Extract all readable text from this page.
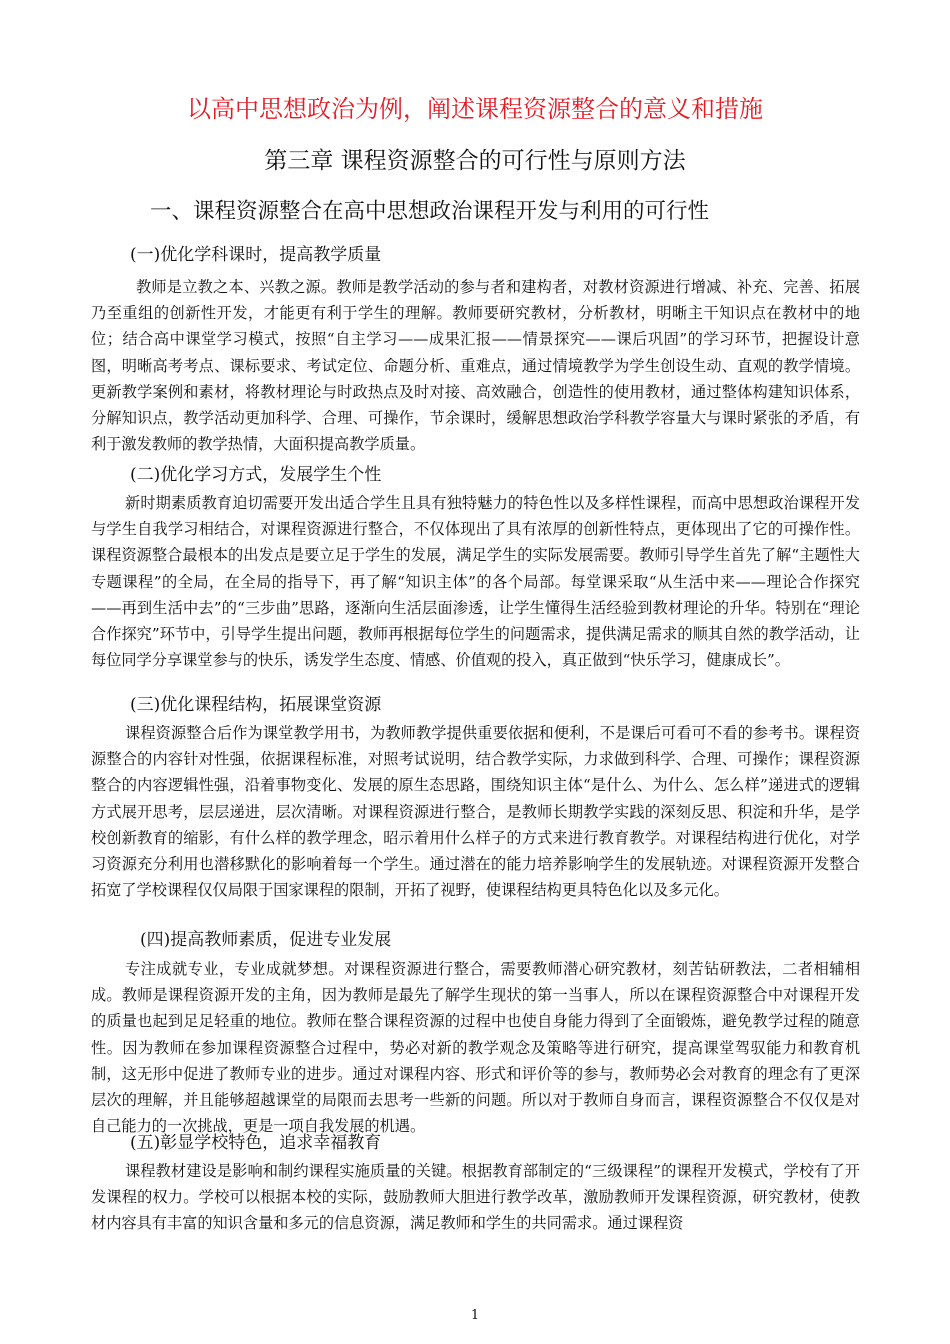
以高中思想政治为例，阐述课程资源整合的意义和措施
第三章 课程资源整合的可行性与原则方法
一、课程资源整合在高中思想政治课程开发与利用的可行性
(一)优化学科课时，提高教学质量

教师是立教之本、兴教之源。教师是教学活动的参与者和建构者，对教材资源进行增减、补充、完善、拓展乃至重组的创新性开发，才能更有利于学生的理解。教师要研究教材，分析教材，明晰主干知识点在教材中的地位；结合高中课堂学习模式，按照“自主学习——成果汇报——情景探究——课后巩固”的学习环节，把握设计意图，明晰高考考点、课标要求、考试定位、命题分析、重难点，通过情境教学为学生创设生动、直观的教学情境。更新教学案例和素材，将教材理论与时政热点及时对接、高效融合，创造性的使用教材，通过整体构建知识体系，分解知识点，教学活动更加科学、合理、可操作，节余课时，缓解思想政治学科教学容量大与课时紧张的矛盾，有利于激发教师的教学热情，大面积提高教学质量。

(二)优化学习方式，发展学生个性

新时期素质教育迫切需要开发出适合学生且具有独特魅力的特色性以及多样性课程，而高中思想政治课程开发与学生自我学习相结合，对课程资源进行整合，不仅体现出了具有浓厚的创新性特点，更体现出了它的可操作性。课程资源整合最根本的出发点是要立足于学生的发展，满足学生的实际发展需要。教师引导学生首先了解“主题性大专题课程”的全局，在全局的指导下，再了解“知识主体”的各个局部。每堂课采取“从生活中来——理论合作探究——再到生活中去”的“三步曲”思路，逐渐向生活层面渗透，让学生懂得生活经验到教材理论的升华。特别在“理论合作探究”环节中，引导学生提出问题，教师再根据每位学生的问题需求，提供满足需求的顺其自然的教学活动，让每位同学分享课堂参与的快乐，诱发学生态度、情感、价值观的投入，真正做到“快乐学习，健康成长”。

(三)优化课程结构，拓展课堂资源

课程资源整合后作为课堂教学用书，为教师教学提供重要依据和便利，不是课后可看可不看的参考书。课程资源整合的内容针对性强，依据课程标准，对照考试说明，结合教学实际，力求做到科学、合理、可操作；课程资源整合的内容逻辑性强，沿着事物变化、发展的原生态思路，围绕知识主体“是什么、为什么、怎么样”递进式的逻辑方式展开思考，层层递进，层次清晰。对课程资源进行整合，是教师长期教学实践的深刻反思、积淀和升华，是学校创新教育的缩影，有什么样的教学理念，昭示着用什么样子的方式来进行教育教学。对课程结构进行优化，对学习资源充分利用也潜移默化的影响着每一个学生。通过潜在的能力培养影响学生的发展轨迹。对课程资源开发整合拓宽了学校课程仅仅局限于国家课程的限制，开拓了视野，使课程结构更具特色化以及多元化。

(四)提高教师素质，促进专业发展

专注成就专业，专业成就梦想。对课程资源进行整合，需要教师潜心研究教材，刻苦钻研教法，二者相辅相成。教师是课程资源开发的主角，因为教师是最先了解学生现状的第一当事人，所以在课程资源整合中对课程开发的质量也起到足足轻重的地位。教师在整合课程资源的过程中也使自身能力得到了全面锻炼，避免教学过程的随意性。因为教师在参加课程资源整合过程中，势必对新的教学观念及策略等进行研究，提高课堂驾驭能力和教育机制，这无形中促进了教师专业的进步。通过对课程内容、形式和评价等的参与，教师势必会对教育的理念有了更深层次的理解，并且能够超越课堂的局限而去思考一些新的问题。所以对于教师自身而言，课程资源整合不仅仅是对自己能力的一次挑战，更是一项自我发展的机遇。

(五)彰显学校特色，追求幸福教育

课程教材建设是影响和制约课程实施质量的关键。根据教育部制定的“三级课程”的课程开发模式，学校有了开发课程的权力。学校可以根据本校的实际，鼓励教师大胆进行教学改革，激励教师开发课程资源，研究教材，使教材内容具有丰富的知识含量和多元的信息资源，满足教师和学生的共同需求。通过课程资

1
